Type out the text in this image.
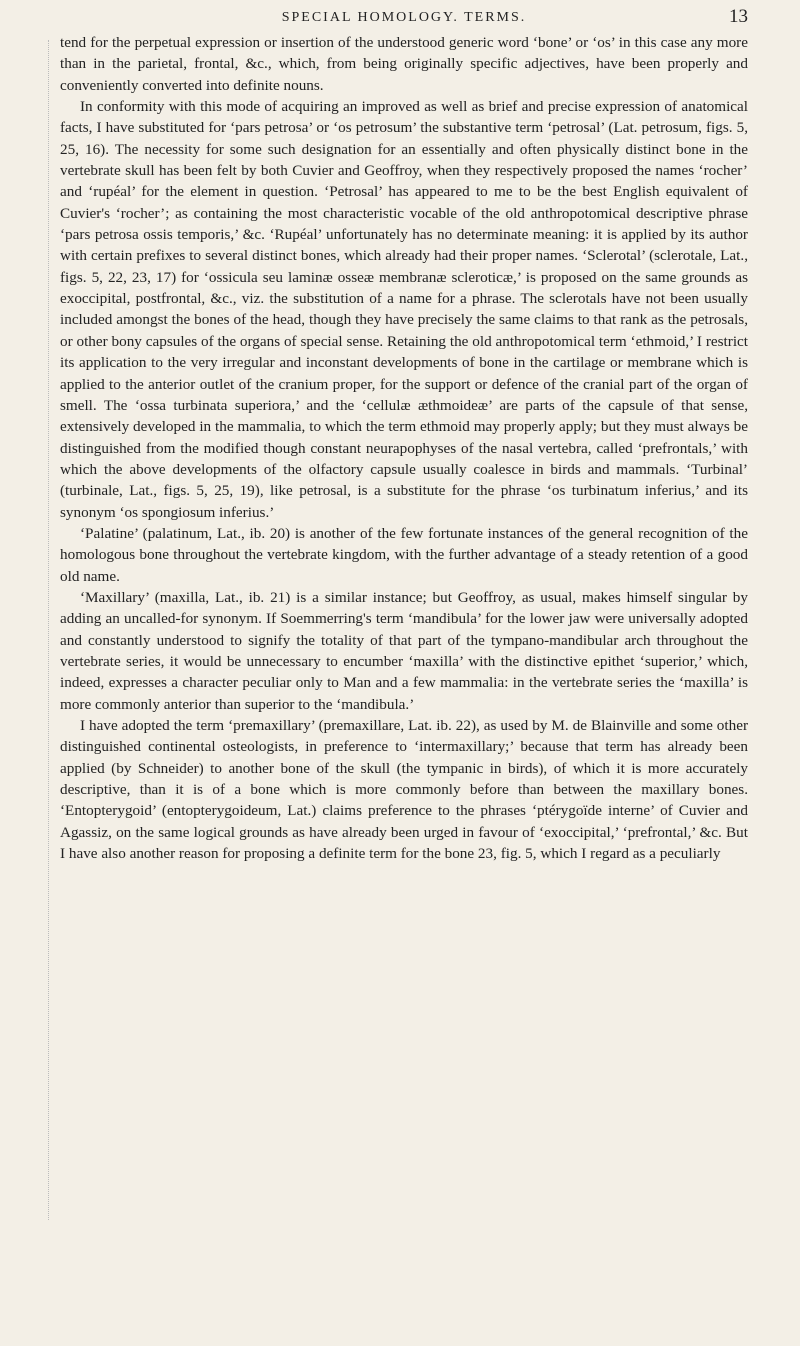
SPECIAL HOMOLOGY. TERMS.	13

tend for the perpetual expression or insertion of the understood generic word ‘bone’ or ‘os’ in this case any more than in the parietal, frontal, &c., which, from being originally specific adjectives, have been properly and conveniently converted into definite nouns.

In conformity with this mode of acquiring an improved as well as brief and precise expression of anatomical facts, I have substituted for ‘pars petrosa’ or ‘os petrosum’ the substantive term ‘petrosal’ (Lat. petrosum, figs. 5, 25, 16). The necessity for some such designation for an essentially and often physically distinct bone in the vertebrate skull has been felt by both Cuvier and Geoffroy, when they respectively proposed the names ‘rocher’ and ‘rupéal’ for the element in question. ‘Petrosal’ has appeared to me to be the best English equivalent of Cuvier's ‘rocher’; as containing the most characteristic vocable of the old anthropotomical descriptive phrase ‘pars petrosa ossis temporis,’ &c. ‘Rupéal’ unfortunately has no determinate meaning: it is applied by its author with certain prefixes to several distinct bones, which already had their proper names. ‘Sclerotal’ (sclerotale, Lat., figs. 5, 22, 23, 17) for ‘ossicula seu laminæ osseæ membranæ scleroticæ,’ is proposed on the same grounds as exoccipital, postfrontal, &c., viz. the substitution of a name for a phrase. The sclerotals have not been usually included amongst the bones of the head, though they have precisely the same claims to that rank as the petrosals, or other bony capsules of the organs of special sense. Retaining the old anthropotomical term ‘ethmoid,’ I restrict its application to the very irregular and inconstant developments of bone in the cartilage or membrane which is applied to the anterior outlet of the cranium proper, for the support or defence of the cranial part of the organ of smell. The ‘ossa turbinata superiora,’ and the ‘cellulæ æthmoideæ’ are parts of the capsule of that sense, extensively developed in the mammalia, to which the term ethmoid may properly apply; but they must always be distinguished from the modified though constant neurapophyses of the nasal vertebra, called ‘prefrontals,’ with which the above developments of the olfactory capsule usually coalesce in birds and mammals. ‘Turbinal’ (turbinale, Lat., figs. 5, 25, 19), like petrosal, is a substitute for the phrase ‘os turbinatum inferius,’ and its synonym ‘os spongiosum inferius.’

‘Palatine’ (palatinum, Lat., ib. 20) is another of the few fortunate instances of the general recognition of the homologous bone throughout the vertebrate kingdom, with the further advantage of a steady retention of a good old name.

‘Maxillary’ (maxilla, Lat., ib. 21) is a similar instance; but Geoffroy, as usual, makes himself singular by adding an uncalled-for synonym. If Soemmerring's term ‘mandibula’ for the lower jaw were universally adopted and constantly understood to signify the totality of that part of the tympano-mandibular arch throughout the vertebrate series, it would be unnecessary to encumber ‘maxilla’ with the distinctive epithet ‘superior,’ which, indeed, expresses a character peculiar only to Man and a few mammalia: in the vertebrate series the ‘maxilla’ is more commonly anterior than superior to the ‘mandibula.’

I have adopted the term ‘premaxillary’ (premaxillare, Lat. ib. 22), as used by M. de Blainville and some other distinguished continental osteologists, in preference to ‘intermaxillary;’ because that term has already been applied (by Schneider) to another bone of the skull (the tympanic in birds), of which it is more accurately descriptive, than it is of a bone which is more commonly before than between the maxillary bones. ‘Entopterygoid’ (entopterygoideum, Lat.) claims preference to the phrases ‘ptérygoïde interne’ of Cuvier and Agassiz, on the same logical grounds as have already been urged in favour of ‘exoccipital,’ ‘prefrontal,’ &c. But I have also another reason for proposing a definite term for the bone 23, fig. 5, which I regard as a peculiarly
